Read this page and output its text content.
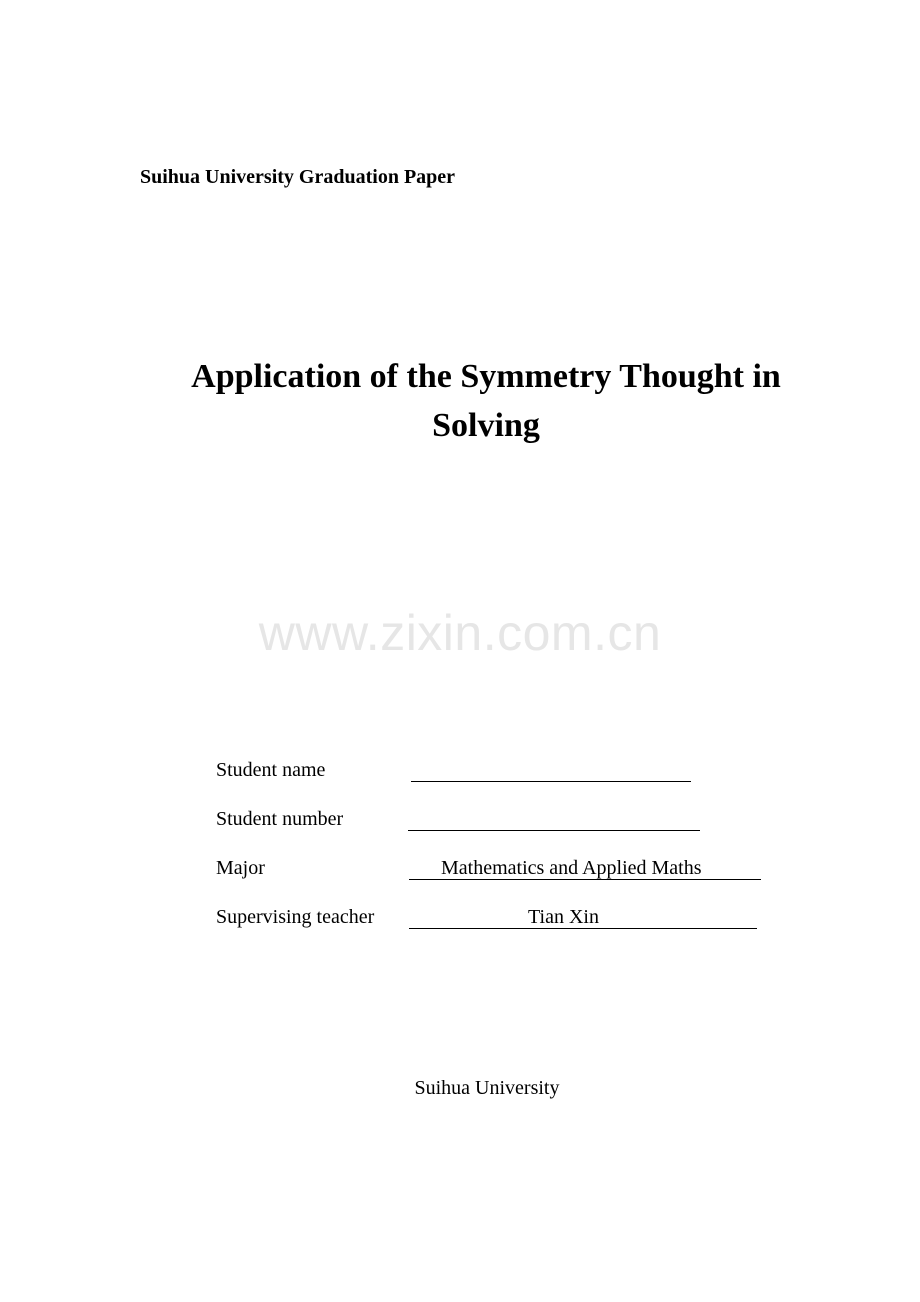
Suihua University Graduation Paper
Application of the Symmetry Thought in
Solving
www.zixin.com.cn
Student name
Student number
Major	Mathematics and Applied Maths
Supervising teacher	Tian Xin
Suihua University
